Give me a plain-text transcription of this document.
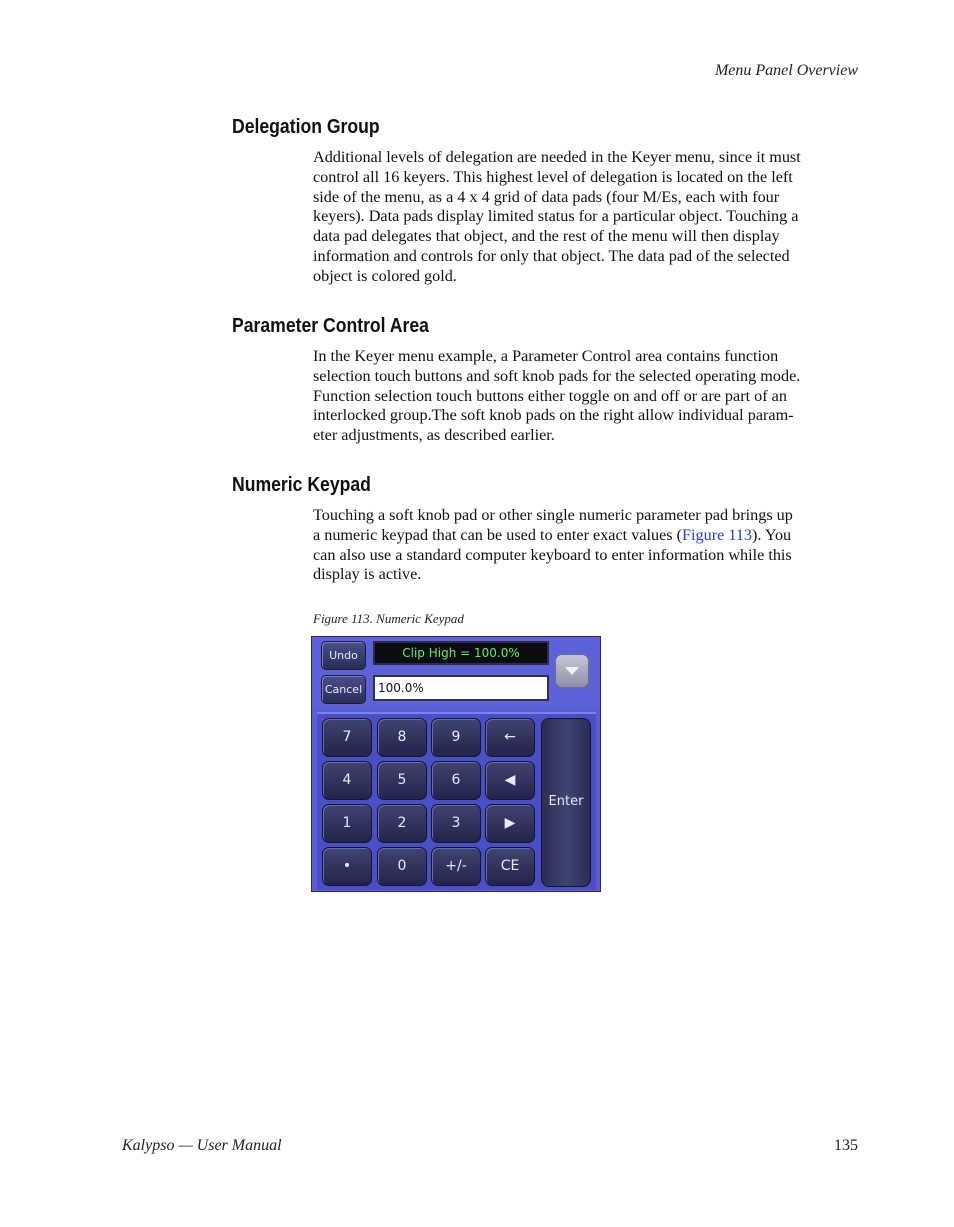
Menu Panel Overview
Delegation Group
Additional levels of delegation are needed in the Keyer menu, since it must
control all 16 keyers. This highest level of delegation is located on the left
side of the menu, as a 4 x 4 grid of data pads (four M/Es, each with four
keyers). Data pads display limited status for a particular object. Touching a
data pad delegates that object, and the rest of the menu will then display
information and controls for only that object. The data pad of the selected
object is colored gold.
Parameter Control Area
In the Keyer menu example, a Parameter Control area contains function
selection touch buttons and soft knob pads for the selected operating mode.
Function selection touch buttons either toggle on and off or are part of an
interlocked group.The soft knob pads on the right allow individual param-
eter adjustments, as described earlier.
Numeric Keypad
Touching a soft knob pad or other single numeric parameter pad brings up
a numeric keypad that can be used to enter exact values (Figure 113). You
can also use a standard computer keyboard to enter information while this
display is active.
Figure 113. Numeric Keypad
Undo	Clip High = 100.0%
Cancel	100.0%
7	8	9	←
4	5	6	◀
1	2	3	▶
•	0	+/-	CE
Enter
Kalypso — User Manual	135
